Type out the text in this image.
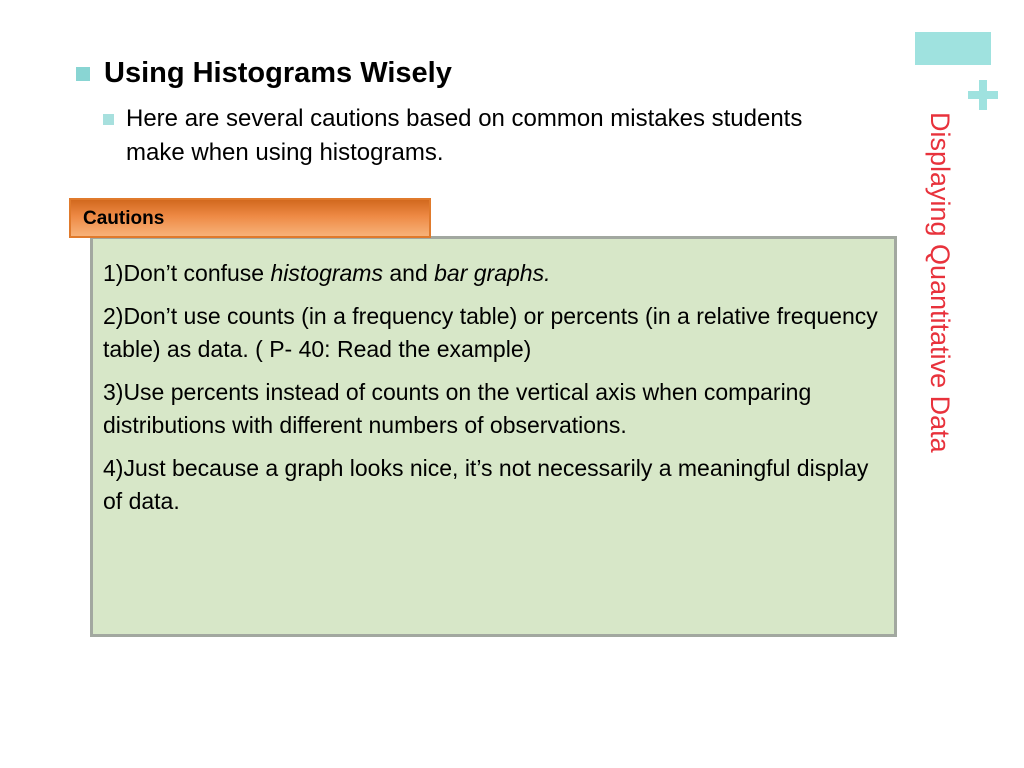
Displaying Quantitative Data
Using Histograms Wisely
Here are several cautions based on common mistakes students make when using histograms.
Cautions

1)Don’t confuse histograms and bar graphs.

2)Don’t use counts (in a frequency table) or percents (in a relative frequency table) as data. ( P- 40: Read the example)

3)Use percents instead of counts on the vertical axis when comparing distributions with different numbers of observations.

4)Just because a graph looks nice, it’s not necessarily a meaningful display of data.
